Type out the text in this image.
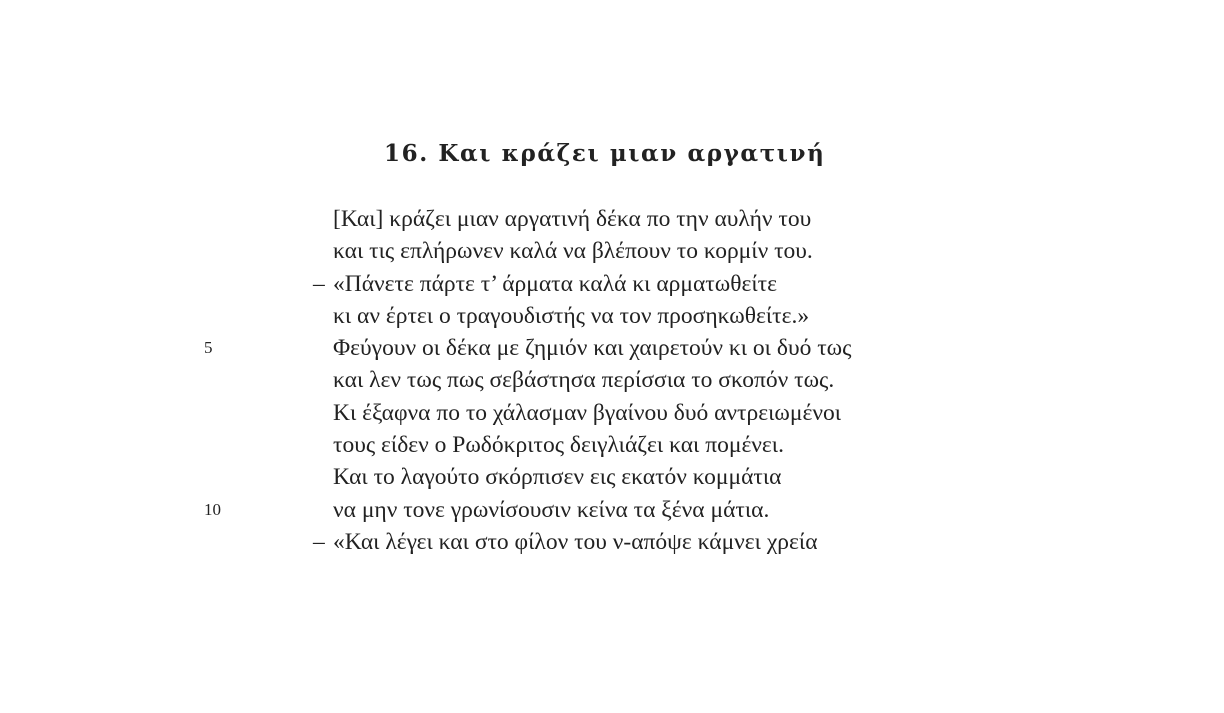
16. Και κράζει μιαν αργατινή
[Και] κράζει μιαν αργατινή δέκα πο την αυλήν του
και τις επλήρωνεν καλά να βλέπουν το κορμίν του.
– «Πάνετε πάρτε τ’ άρματα καλά κι αρματωθείτε
κι αν έρτει ο τραγουδιστής να τον προσηκωθείτε.»
5	Φεύγουν οι δέκα με ζημιόν και χαιρετούν κι οι δυό τως
και λεν τως πως σεβάστησα περίσσια το σκοπόν τως.
Κι έξαφνα πο το χάλασμαν βγαίνου δυό αντρειωμένοι
τους είδεν ο Ρωδόκριτος δειγλιάζει και πομένει.
Και το λαγούτο σκόρπισεν εις εκατόν κομμάτια
10	να μην τονε γρωνίσουσιν κείνα τα ξένα μάτια.
– «Και λέγει και στο φίλον του ν-απόψε κάμνει χρεία
